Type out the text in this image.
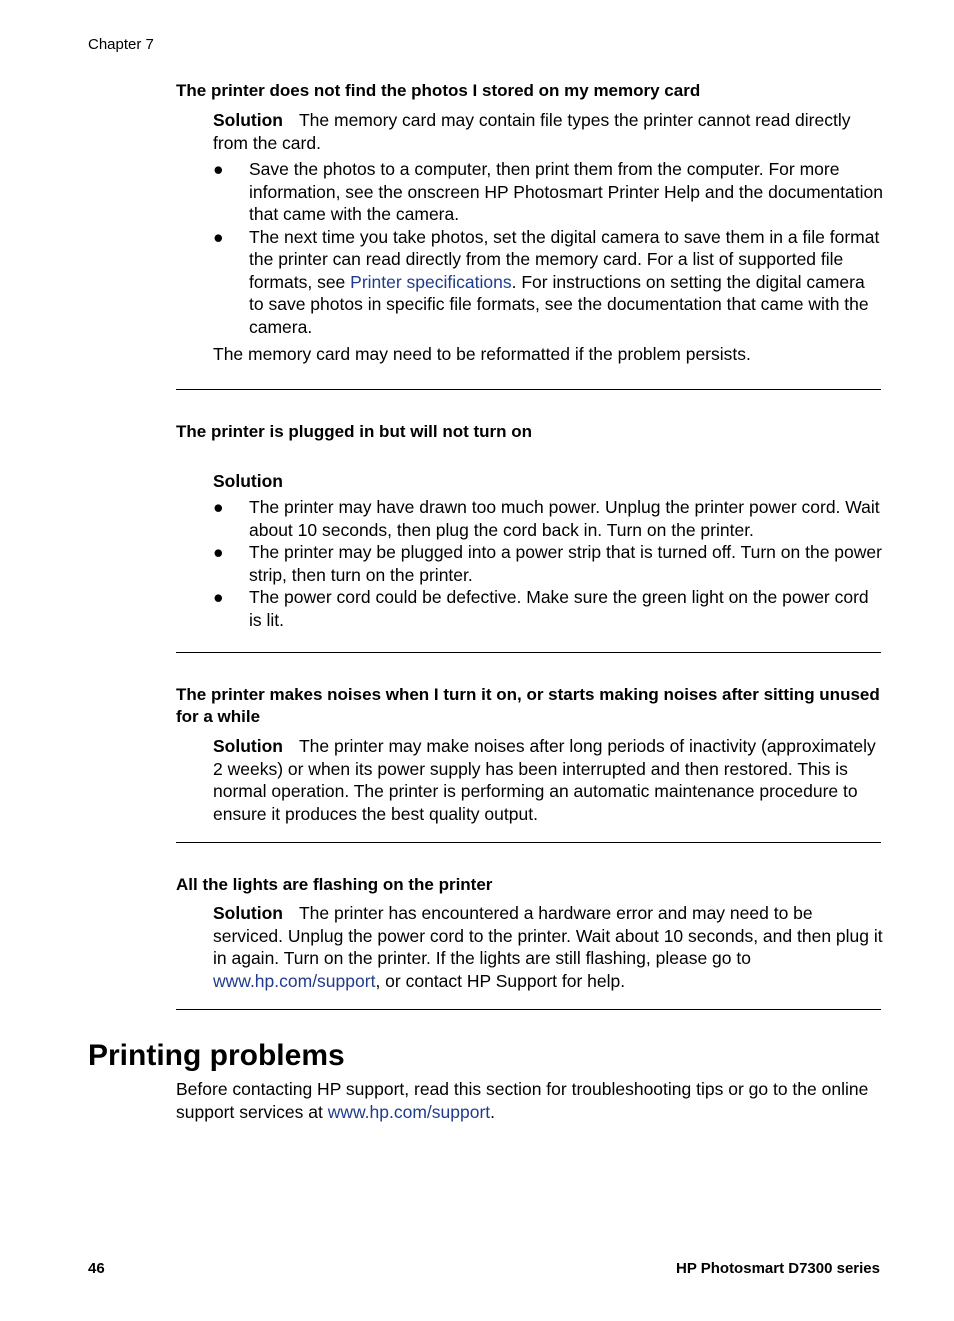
Chapter 7
The printer does not find the photos I stored on my memory card
Solution The memory card may contain file types the printer cannot read directly from the card.
● Save the photos to a computer, then print them from the computer. For more information, see the onscreen HP Photosmart Printer Help and the documentation that came with the camera.
● The next time you take photos, set the digital camera to save them in a file format the printer can read directly from the memory card. For a list of supported file formats, see Printer specifications. For instructions on setting the digital camera to save photos in specific file formats, see the documentation that came with the camera.
The memory card may need to be reformatted if the problem persists.
The printer is plugged in but will not turn on
Solution
● The printer may have drawn too much power. Unplug the printer power cord. Wait about 10 seconds, then plug the cord back in. Turn on the printer.
● The printer may be plugged into a power strip that is turned off. Turn on the power strip, then turn on the printer.
● The power cord could be defective. Make sure the green light on the power cord is lit.
The printer makes noises when I turn it on, or starts making noises after sitting unused for a while
Solution The printer may make noises after long periods of inactivity (approximately 2 weeks) or when its power supply has been interrupted and then restored. This is normal operation. The printer is performing an automatic maintenance procedure to ensure it produces the best quality output.
All the lights are flashing on the printer
Solution The printer has encountered a hardware error and may need to be serviced. Unplug the power cord to the printer. Wait about 10 seconds, and then plug it in again. Turn on the printer. If the lights are still flashing, please go to www.hp.com/support, or contact HP Support for help.
Printing problems
Before contacting HP support, read this section for troubleshooting tips or go to the online support services at www.hp.com/support.
46	HP Photosmart D7300 series
